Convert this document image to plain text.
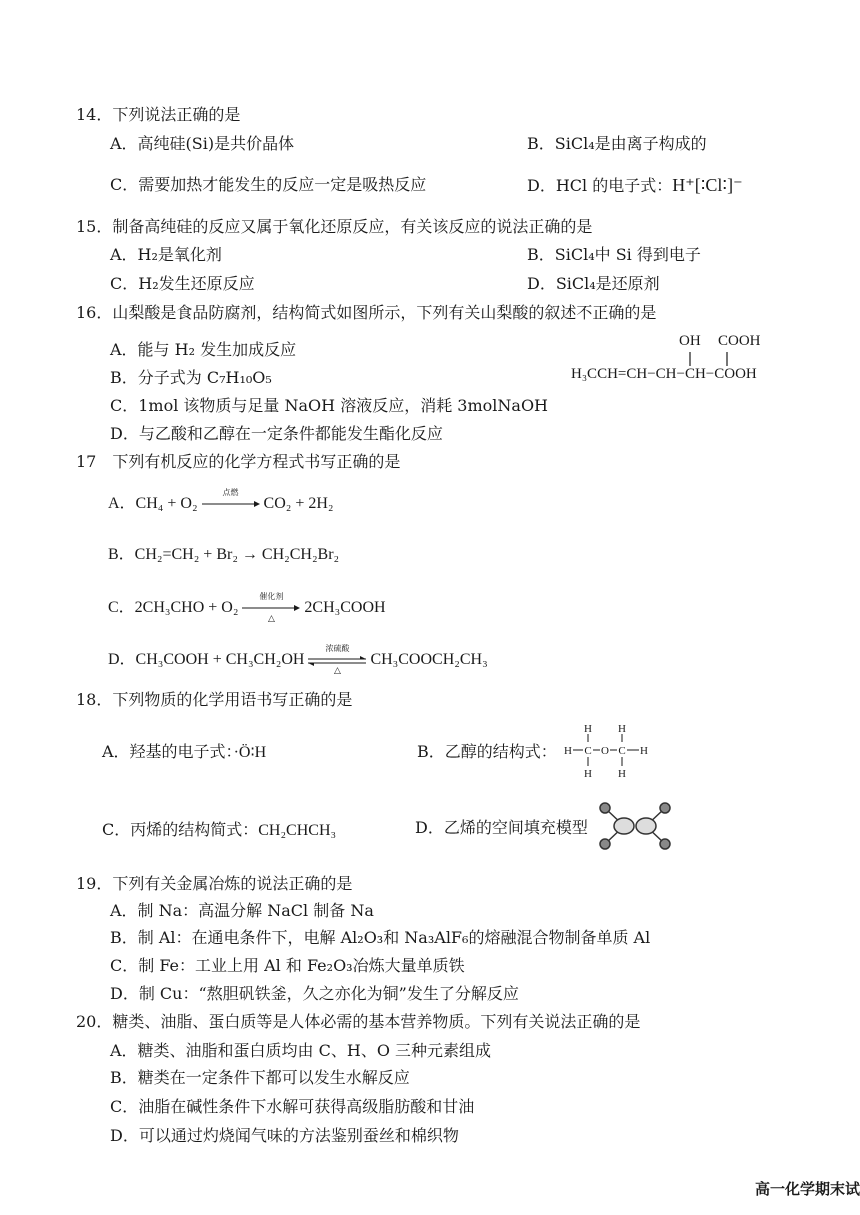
14．下列说法正确的是
A．高纯硅(Si)是共价晶体	B．SiCl₄是由离子构成的
C．需要加热才能发生的反应一定是吸热反应	D．HCl 的电子式：H⁺[∶Cl∶]⁻
15．制备高纯硅的反应又属于氧化还原反应，有关该反应的说法正确的是
A．H₂是氧化剂	B．SiCl₄中 Si 得到电子
C．H₂发生还原反应	D．SiCl₄是还原剂
16．山梨酸是食品防腐剂，结构简式如图所示，下列有关山梨酸的叙述不正确的是
A．能与 H₂ 发生加成反应
B．分子式为 C₇H₁₀O₅
C．1mol 该物质与足量 NaOH 溶液反应，消耗 3molNaOH
D．与乙酸和乙醇在一定条件都能发生酯化反应
OH COOH
H₃CCH=CH−CH−CH−COOH
17　下列有机反应的化学方程式书写正确的是
A．CH₄ + O₂
点燃
CO₂ + 2H₂
B．CH₂=CH₂ + Br₂ → CH₂CH₂Br₂
C．2CH₃CHO + O₂
催化剂
△
2CH₃COOH
D．CH₃COOH + CH₃CH₂OH
浓硫酸
△
CH₃COOCH₂CH₃
18．下列物质的化学用语书写正确的是
A．羟基的电子式：·Ö∶H	B．乙醇的结构式：
H H
H C O C H
H H
C．丙烯的结构简式：CH₂CHCH₃	D．乙烯的空间填充模型
19．下列有关金属冶炼的说法正确的是
A．制 Na：高温分解 NaCl 制备 Na
B．制 Al：在通电条件下，电解 Al₂O₃和 Na₃AlF₆的熔融混合物制备单质 Al
C．制 Fe：工业上用 Al 和 Fe₂O₃冶炼大量单质铁
D．制 Cu：“熬胆矾铁釜，久之亦化为铜”发生了分解反应
20．糖类、油脂、蛋白质等是人体必需的基本营养物质。下列有关说法正确的是
A．糖类、油脂和蛋白质均由 C、H、O 三种元素组成
B．糖类在一定条件下都可以发生水解反应
C．油脂在碱性条件下水解可获得高级脂肪酸和甘油
D．可以通过灼烧闻气味的方法鉴别蚕丝和棉织物
高一化学期末试
